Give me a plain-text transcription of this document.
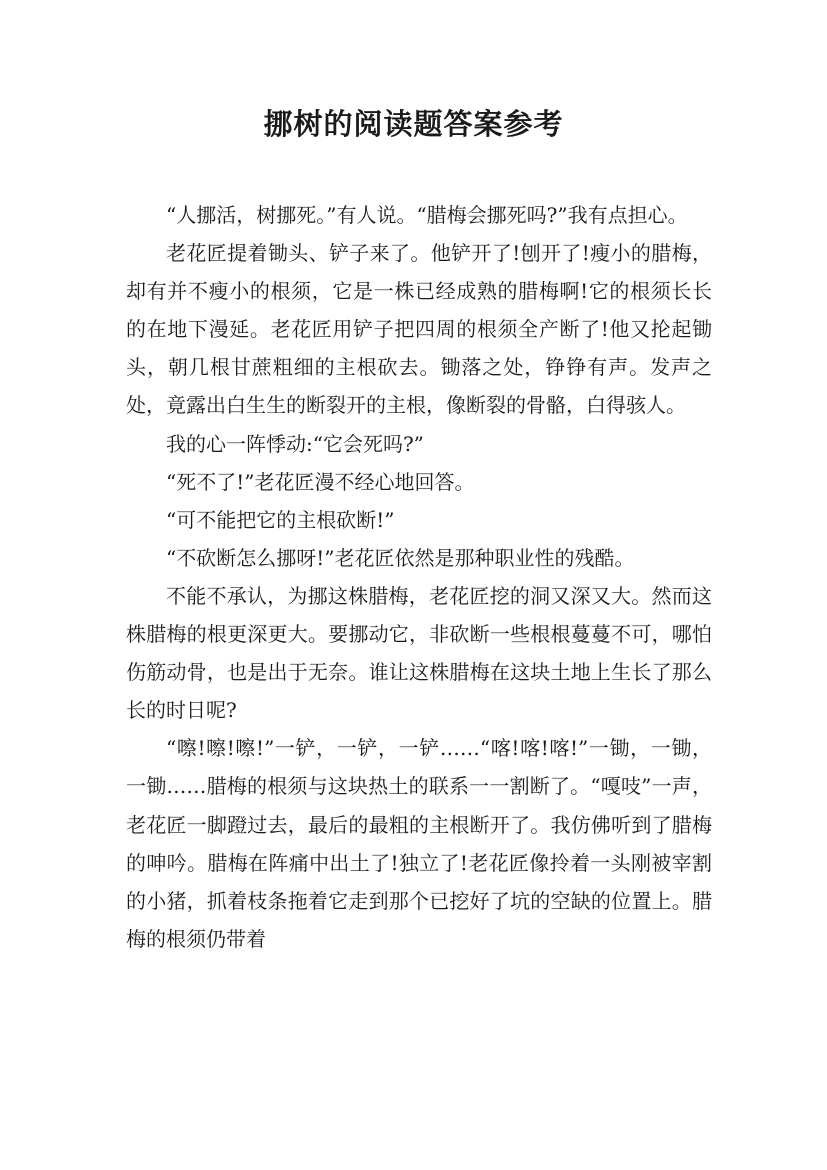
挪树的阅读题答案参考

“人挪活，树挪死。”有人说。“腊梅会挪死吗?”我有点担心。

老花匠提着锄头、铲子来了。他铲开了!刨开了!瘦小的腊梅，却有并不瘦小的根须，它是一株已经成熟的腊梅啊!它的根须长长的在地下漫延。老花匠用铲子把四周的根须全产断了!他又抡起锄头，朝几根甘蔗粗细的主根砍去。锄落之处，铮铮有声。发声之处，竟露出白生生的断裂开的主根，像断裂的骨骼，白得骇人。

我的心一阵悸动:“它会死吗?”

“死不了!”老花匠漫不经心地回答。

“可不能把它的主根砍断!”

“不砍断怎么挪呀!”老花匠依然是那种职业性的残酷。

不能不承认，为挪这株腊梅，老花匠挖的洞又深又大。然而这株腊梅的根更深更大。要挪动它，非砍断一些根根蔓蔓不可，哪怕伤筋动骨，也是出于无奈。谁让这株腊梅在这块土地上生长了那么长的时日呢?

“嚓!嚓!嚓!”一铲，一铲，一铲……“喀!喀!喀!”一锄，一锄，一锄……腊梅的根须与这块热土的联系一一割断了。“嘎吱”一声，老花匠一脚蹬过去，最后的最粗的主根断开了。我仿佛听到了腊梅的呻吟。腊梅在阵痛中出土了!独立了!老花匠像拎着一头刚被宰割的小猪，抓着枝条拖着它走到那个已挖好了坑的空缺的位置上。腊梅的根须仍带着
